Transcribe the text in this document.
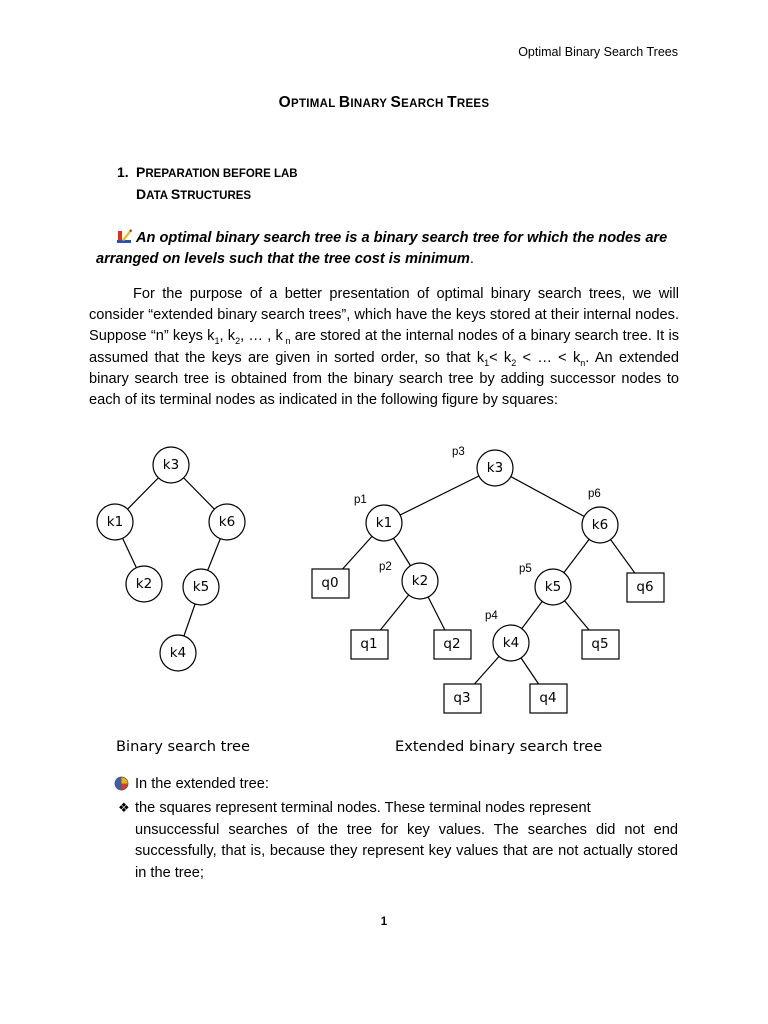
Optimal Binary Search Trees
OPTIMAL BINARY SEARCH TREES
1. PREPARATION BEFORE LAB
DATA STRUCTURES
An optimal binary search tree is a binary search tree for which the nodes are arranged on levels such that the tree cost is minimum.
For the purpose of a better presentation of optimal binary search trees, we will consider “extended binary search trees”, which have the keys stored at their internal nodes. Suppose “n” keys $k_1$, $k_2$, … , k $_n$ are stored at the internal nodes of a binary search tree. It is assumed that the keys are given in sorted order, so that $k_1< k_2$ < … < $k_n$. An extended binary search tree is obtained from the binary search tree by adding successor nodes to each of its terminal nodes as indicated in the following figure by squares:
k3
k1	k6
k2	k5
k4
k3
k1	k6
k2	k5
k4
q0
q1	q2
q3	q4
q5
q6
p3
p1	p6
p2	p5
p4
Binary search tree	Extended binary search tree
In the extended tree:
❖ the squares represent terminal nodes. These terminal nodes represent
unsuccessful searches of the tree for key values. The searches did not end successfully, that is, because they represent key values that are not actually stored in the tree;
1
